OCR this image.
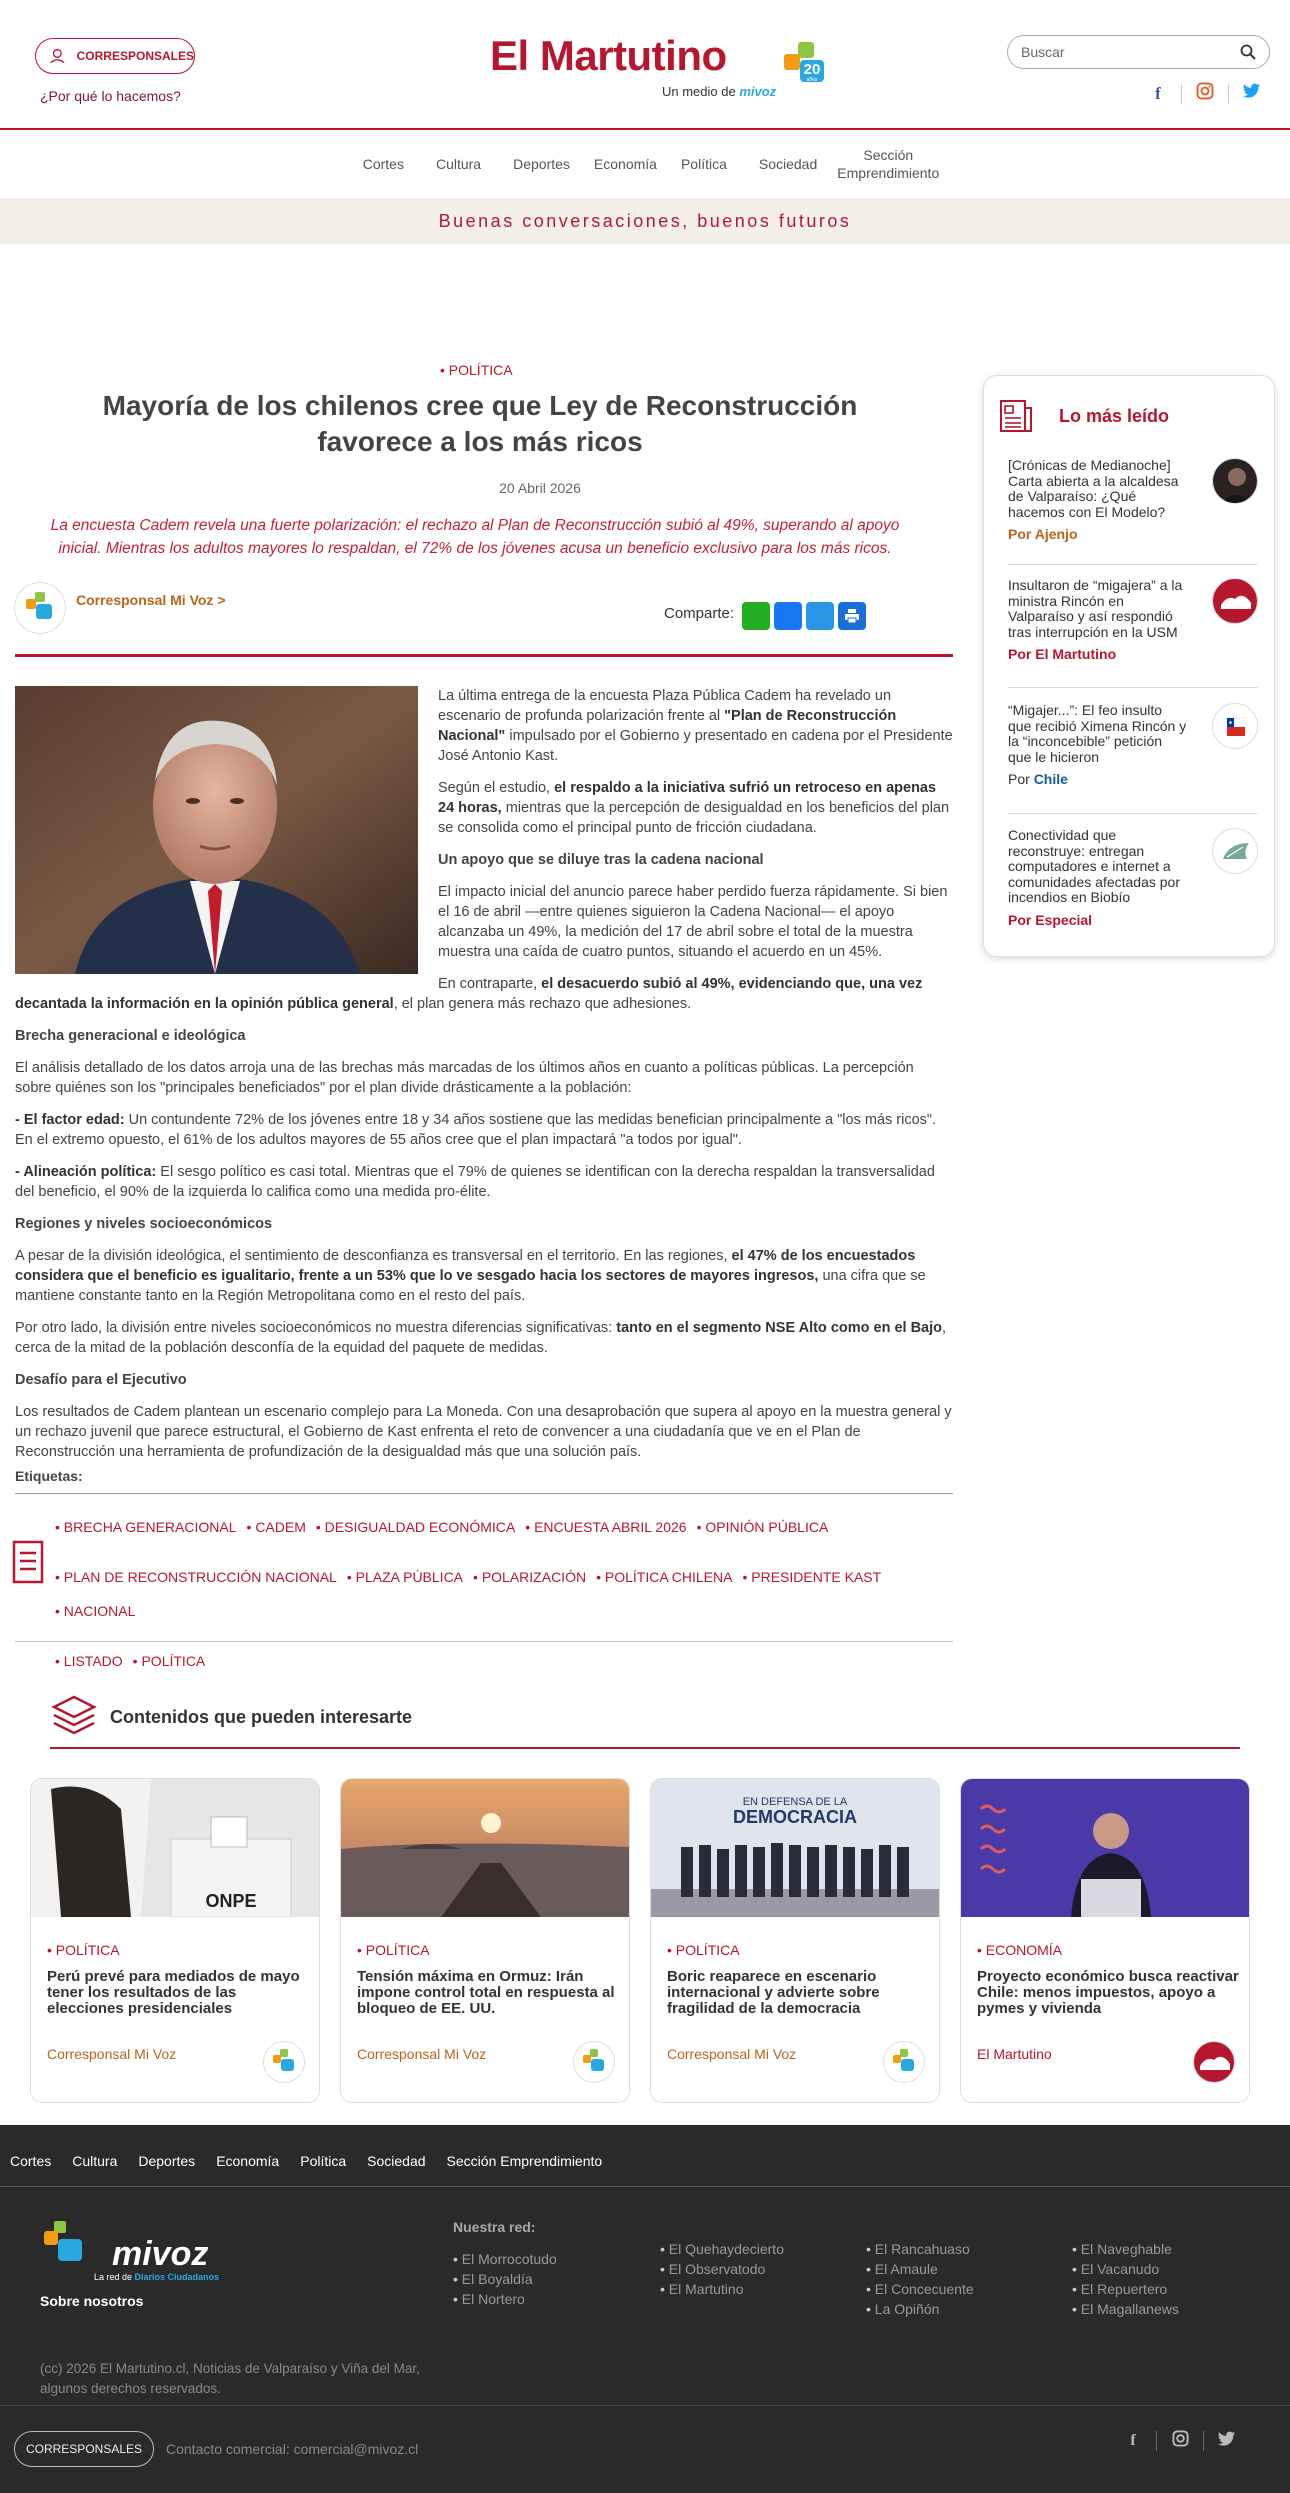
CORRESPONSALES
¿Por qué lo hacemos?
El Martutino	20
años
Un medio de mivoz
Buscar
f
Cortes	Cultura	Deportes	Economía	Política	Sociedad
Sección Emprendimiento
Buenas conversaciones, buenos futuros
• POLÍTICA
Mayoría de los chilenos cree que Ley de Reconstrucción favorece a los más ricos
20 Abril 2026

La encuesta Cadem revela una fuerte polarización: el rechazo al Plan de Reconstrucción subió al 49%, superando al apoyo inicial. Mientras los adultos mayores lo respaldan, el 72% de los jóvenes acusa un beneficio exclusivo para los más ricos.

Corresponsal Mi Voz >
Comparte:

La última entrega de la encuesta Plaza Pública Cadem ha revelado un escenario de profunda polarización frente al "Plan de Reconstrucción Nacional" impulsado por el Gobierno y presentado en cadena por el Presidente José Antonio Kast.

Según el estudio, el respaldo a la iniciativa sufrió un retroceso en apenas 24 horas, mientras que la percepción de desigualdad en los beneficios del plan se consolida como el principal punto de fricción ciudadana.

Un apoyo que se diluye tras la cadena nacional

El impacto inicial del anuncio parece haber perdido fuerza rápidamente. Si bien el 16 de abril —entre quienes siguieron la Cadena Nacional— el apoyo alcanzaba un 49%, la medición del 17 de abril sobre el total de la muestra muestra una caída de cuatro puntos, situando el acuerdo en un 45%.

En contraparte, el desacuerdo subió al 49%, evidenciando que, una vez decantada la información en la opinión pública general, el plan genera más rechazo que adhesiones.

Brecha generacional e ideológica

El análisis detallado de los datos arroja una de las brechas más marcadas de los últimos años en cuanto a políticas públicas. La percepción sobre quiénes son los "principales beneficiados" por el plan divide drásticamente a la población:

- El factor edad: Un contundente 72% de los jóvenes entre 18 y 34 años sostiene que las medidas benefician principalmente a "los más ricos". En el extremo opuesto, el 61% de los adultos mayores de 55 años cree que el plan impactará "a todos por igual".

- Alineación política: El sesgo político es casi total. Mientras que el 79% de quienes se identifican con la derecha respaldan la transversalidad del beneficio, el 90% de la izquierda lo califica como una medida pro-élite.

Regiones y niveles socioeconómicos

A pesar de la división ideológica, el sentimiento de desconfianza es transversal en el territorio. En las regiones, el 47% de los encuestados considera que el beneficio es igualitario, frente a un 53% que lo ve sesgado hacia los sectores de mayores ingresos, una cifra que se mantiene constante tanto en la Región Metropolitana como en el resto del país.

Por otro lado, la división entre niveles socioeconómicos no muestra diferencias significativas: tanto en el segmento NSE Alto como en el Bajo, cerca de la mitad de la población desconfía de la equidad del paquete de medidas.

Desafío para el Ejecutivo

Los resultados de Cadem plantean un escenario complejo para La Moneda. Con una desaprobación que supera al apoyo en la muestra general y un rechazo juvenil que parece estructural, el Gobierno de Kast enfrenta el reto de convencer a una ciudadanía que ve en el Plan de Reconstrucción una herramienta de profundización de la desigualdad más que una solución país.

Etiquetas:
• BRECHA GENERACIONAL	• CADEM	• DESIGUALDAD ECONÓMICA	• ENCUESTA ABRIL 2026	• OPINIÓN PÚBLICA
• PLAN DE RECONSTRUCCIÓN NACIONAL	• PLAZA PÚBLICA	• POLARIZACIÓN	• POLÍTICA CHILENA	• PRESIDENTE KAST
• NACIONAL
• LISTADO	• POLÍTICA
Lo más leído
[Crónicas de Medianoche] Carta abierta a la alcaldesa de Valparaíso: ¿Qué hacemos con El Modelo?
Por Ajenjo
Insultaron de “migajera” a la ministra Rincón en Valparaíso y así respondió tras interrupción en la USM
Por El Martutino
“Migajer...”: El feo insulto que recibió Ximena Rincón y la “inconcebible” petición que le hicieron
Por Chile
Conectividad que reconstruye: entregan computadores e internet a comunidades afectadas por incendios en Biobío
Por Especial
Contenidos que pueden interesarte
ONPE
• POLÍTICA
Perú prevé para mediados de mayo tener los resultados de las elecciones presidenciales
Corresponsal Mi Voz
• POLÍTICA
Tensión máxima en Ormuz: Irán impone control total en respuesta al bloqueo de EE. UU.
Corresponsal Mi Voz
EN DEFENSA DE LA
DEMOCRACIA
• POLÍTICA
Boric reaparece en escenario internacional y advierte sobre fragilidad de la democracia
Corresponsal Mi Voz
• ECONOMÍA
Proyecto económico busca reactivar Chile: menos impuestos, apoyo a pymes y vivienda
El Martutino
Cortes Cultura Deportes Economía Política Sociedad Sección Emprendimiento
mivoz
La red de Diarios Ciudadanos
Sobre nosotros
Nuestra red:
• El Morrocotudo
• El Boyaldía
• El Nortero
• El Quehaydecierto
• El Observatodo
• El Martutino
• El Rancahuaso
• El Amaule
• El Concecuente
• La Opiñón
• El Naveghable
• El Vacanudo
• El Repuertero
• El Magallanews

(cc) 2026 El Martutino.cl, Noticias de Valparaíso y Viña del Mar, algunos derechos reservados.

CORRESPONSALES	Contacto comercial: comercial@mivoz.cl	f
